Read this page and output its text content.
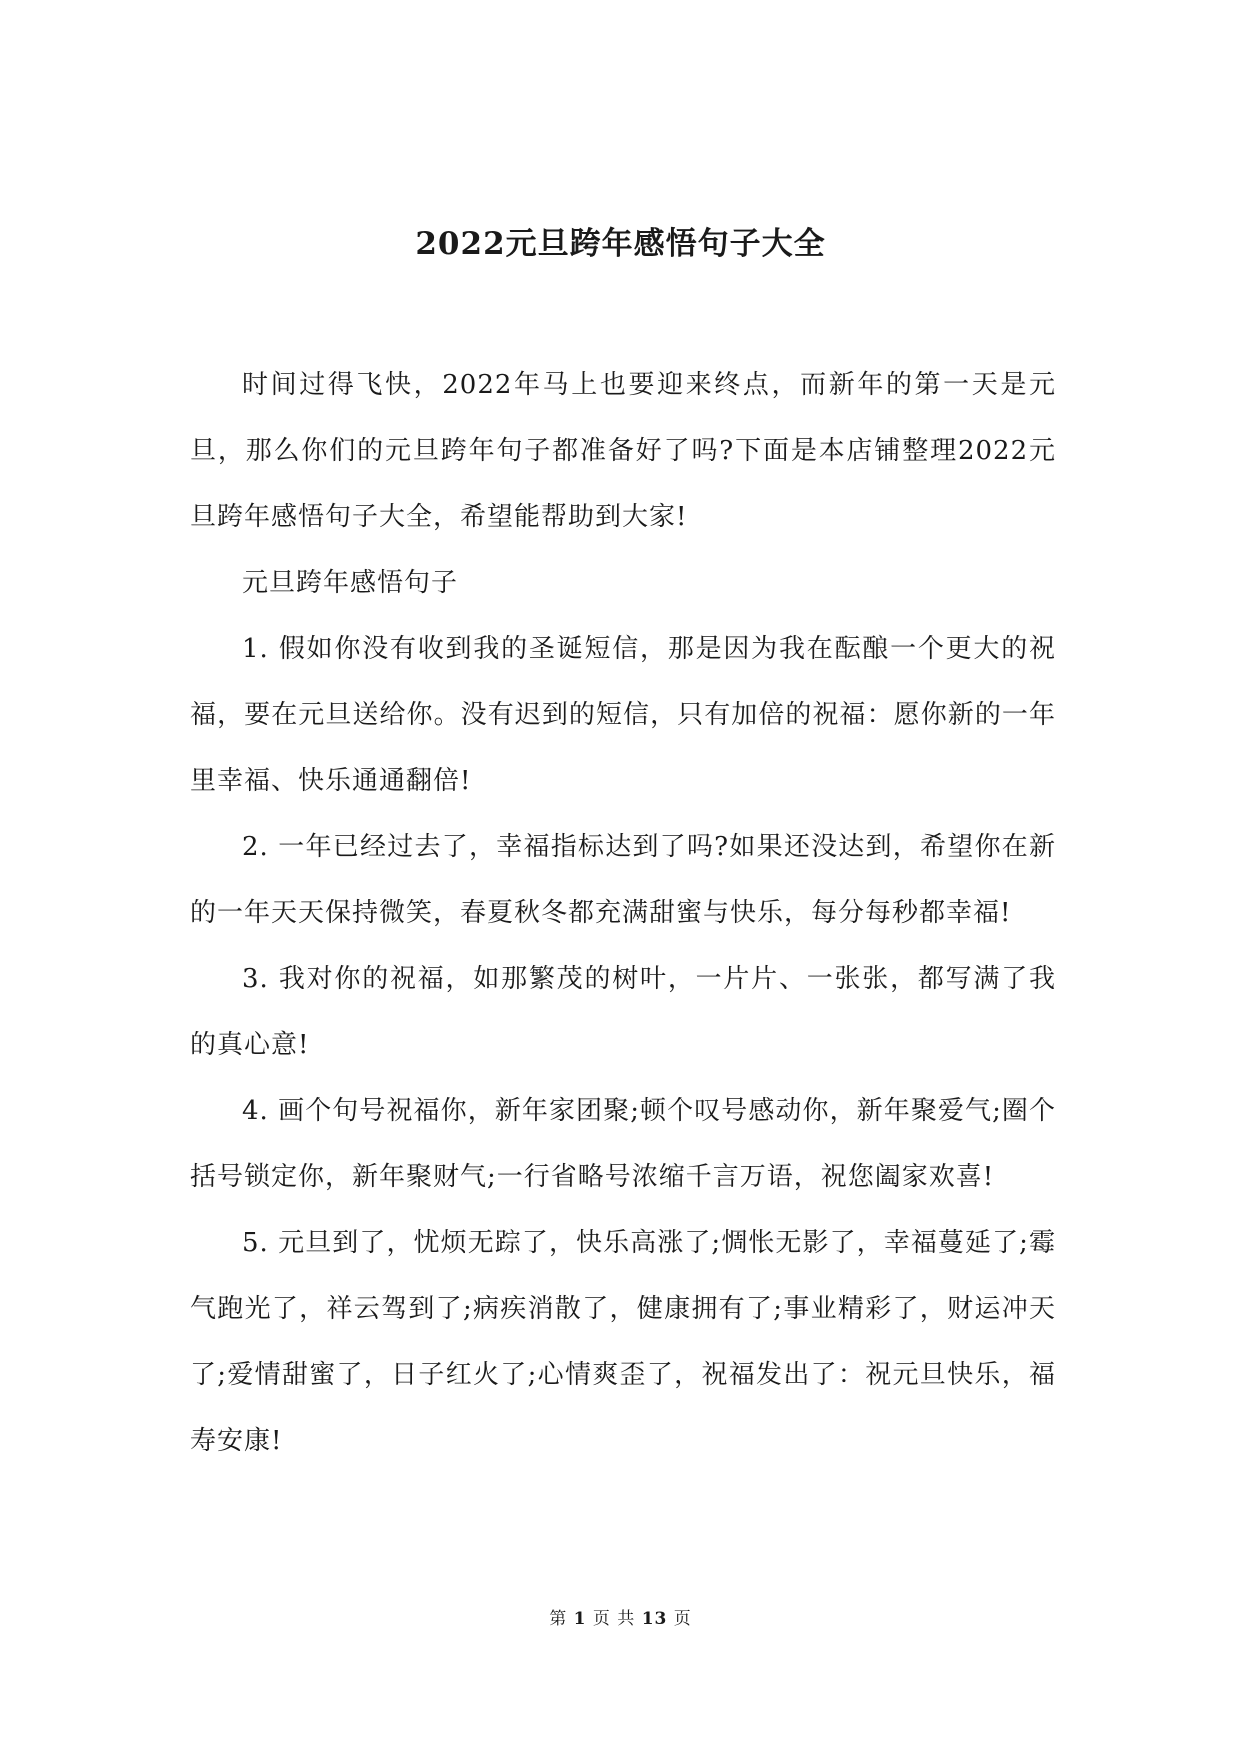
2022元旦跨年感悟句子大全

时间过得飞快，2022年马上也要迎来终点，而新年的第一天是元旦，那么你们的元旦跨年句子都准备好了吗?下面是本店铺整理2022元旦跨年感悟句子大全，希望能帮助到大家!

元旦跨年感悟句子

1. 假如你没有收到我的圣诞短信，那是因为我在酝酿一个更大的祝福，要在元旦送给你。没有迟到的短信，只有加倍的祝福：愿你新的一年里幸福、快乐通通翻倍!

2. 一年已经过去了，幸福指标达到了吗?如果还没达到，希望你在新的一年天天保持微笑，春夏秋冬都充满甜蜜与快乐，每分每秒都幸福!

3. 我对你的祝福，如那繁茂的树叶，一片片、一张张，都写满了我的真心意!

4. 画个句号祝福你，新年家团聚;顿个叹号感动你，新年聚爱气;圈个括号锁定你，新年聚财气;一行省略号浓缩千言万语，祝您阖家欢喜!

5. 元旦到了，忧烦无踪了，快乐高涨了;惆怅无影了，幸福蔓延了;霉气跑光了，祥云驾到了;病疾消散了，健康拥有了;事业精彩了，财运冲天了;爱情甜蜜了，日子红火了;心情爽歪了，祝福发出了：祝元旦快乐，福寿安康!

第 1 页 共 13 页
